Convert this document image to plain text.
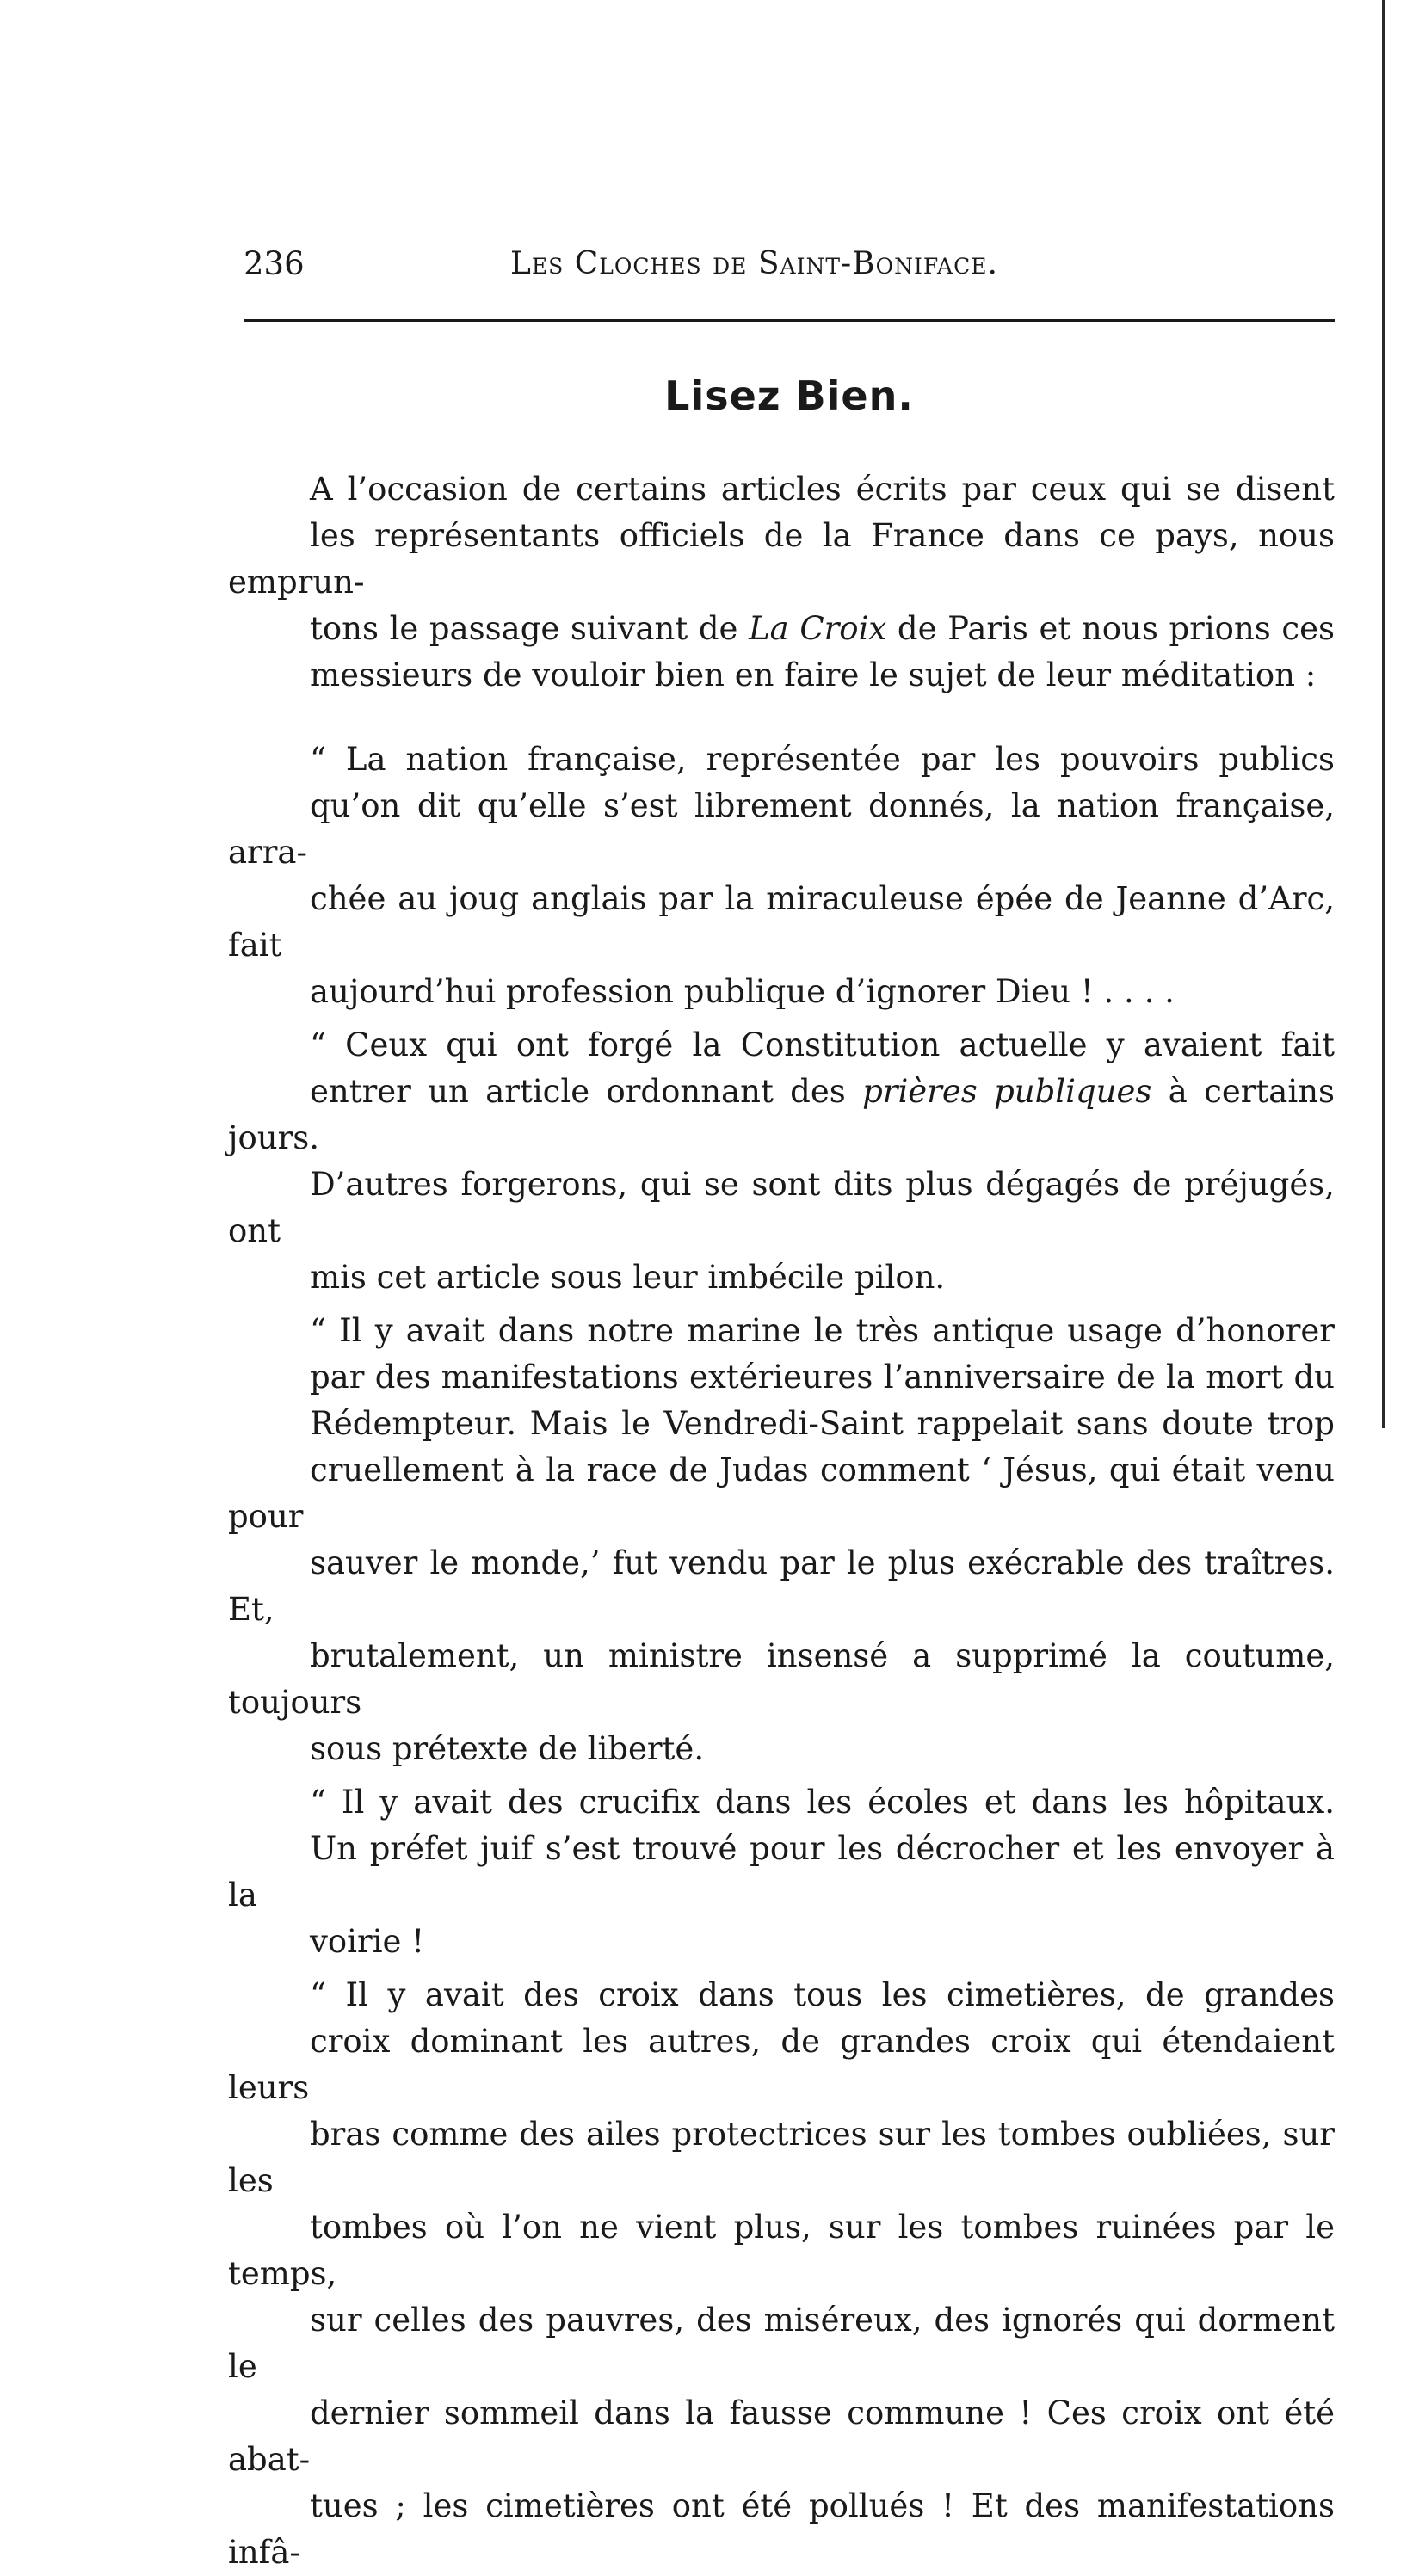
236	Les Cloches de Saint-Boniface.
Lisez Bien.
A l’occasion de certains articles écrits par ceux qui se disent
les représentants officiels de la France dans ce pays, nous emprun-
tons le passage suivant de La Croix de Paris et nous prions ces
messieurs de vouloir bien en faire le sujet de leur méditation :
“ La nation française, représentée par les pouvoirs publics
qu’on dit qu’elle s’est librement donnés, la nation française, arra-
chée au joug anglais par la miraculeuse épée de Jeanne d’Arc, fait
aujourd’hui profession publique d’ignorer Dieu ! . . . .
“ Ceux qui ont forgé la Constitution actuelle y avaient fait
entrer un article ordonnant des prières publiques à certains jours.
D’autres forgerons, qui se sont dits plus dégagés de préjugés, ont
mis cet article sous leur imbécile pilon.
“ Il y avait dans notre marine le très antique usage d’honorer
par des manifestations extérieures l’anniversaire de la mort du
Rédempteur. Mais le Vendredi-Saint rappelait sans doute trop
cruellement à la race de Judas comment ‘ Jésus, qui était venu pour
sauver le monde,’ fut vendu par le plus exécrable des traîtres. Et,
brutalement, un ministre insensé a supprimé la coutume, toujours
sous prétexte de liberté.
“ Il y avait des crucifix dans les écoles et dans les hôpitaux.
Un préfet juif s’est trouvé pour les décrocher et les envoyer à la
voirie !
“ Il y avait des croix dans tous les cimetières, de grandes
croix dominant les autres, de grandes croix qui étendaient leurs
bras comme des ailes protectrices sur les tombes oubliées, sur les
tombes où l’on ne vient plus, sur les tombes ruinées par le temps,
sur celles des pauvres, des miséreux, des ignorés qui dorment le
dernier sommeil dans la fausse commune ! Ces croix ont été abat-
tues ; les cimetières ont été pollués ! Et des manifestations infâ-
